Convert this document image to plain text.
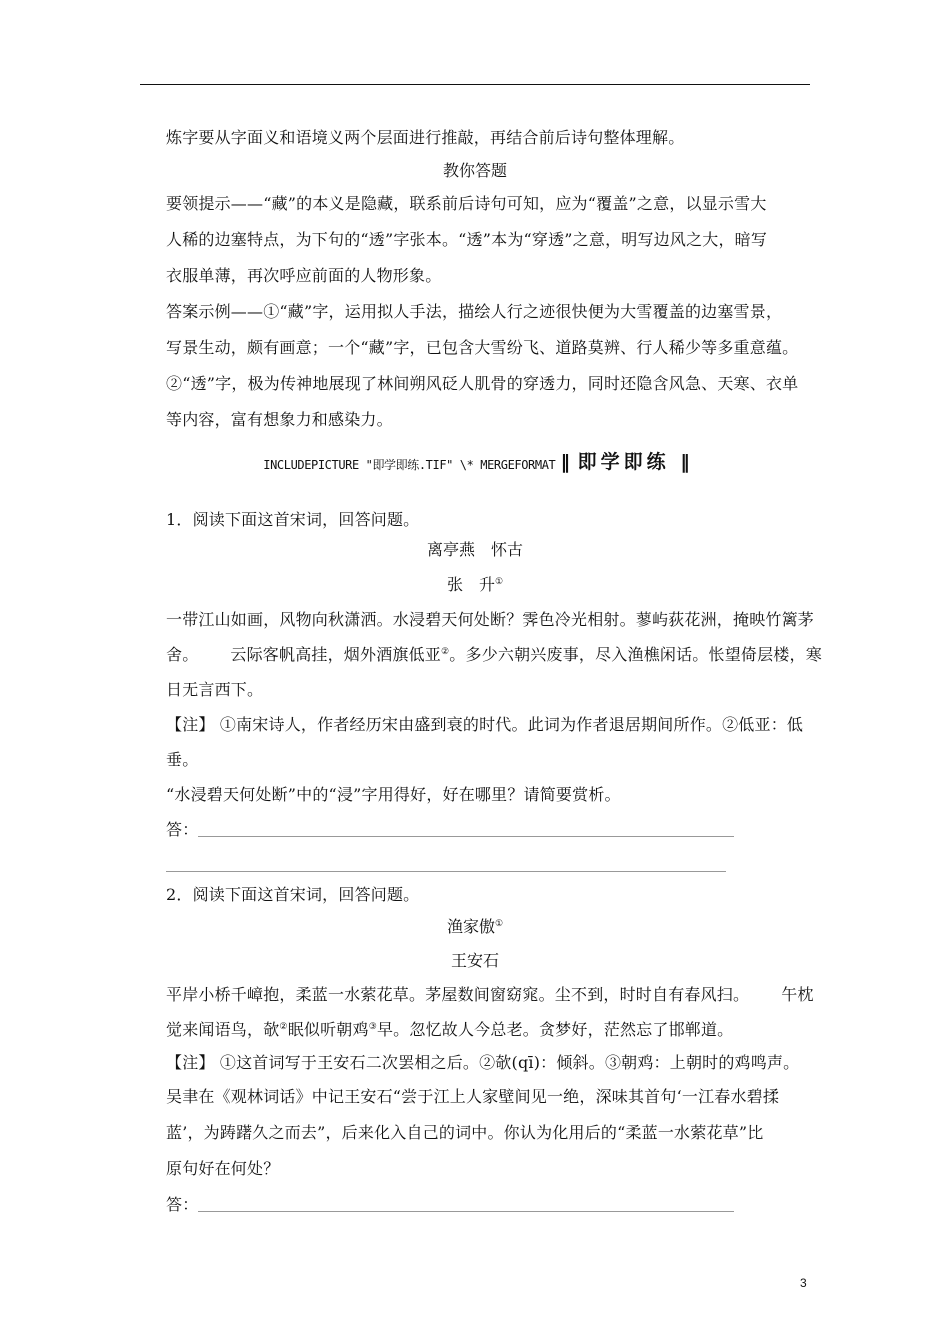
炼字要从字面义和语境义两个层面进行推敲，再结合前后诗句整体理解。
教你答题
要领提示——“藏”的本义是隐藏，联系前后诗句可知，应为“覆盖”之意，以显示雪大
人稀的边塞特点，为下句的“透”字张本。“透”本为“穿透”之意，明写边风之大，暗写
衣服单薄，再次呼应前面的人物形象。
答案示例——①“藏”字，运用拟人手法，描绘人行之迹很快便为大雪覆盖的边塞雪景，
写景生动，颇有画意；一个“藏”字，已包含大雪纷飞、道路莫辨、行人稀少等多重意蕴。
②“透”字，极为传神地展现了林间朔风砭人肌骨的穿透力，同时还隐含风急、天寒、衣单
等内容，富有想象力和感染力。
INCLUDEPICTURE "即学即练.TIF" \* MERGEFORMAT ‖ 即学即练 ‖
1．阅读下面这首宋词，回答问题。
离亭燕　怀古
张　升①
一带江山如画，风物向秋潇洒。水浸碧天何处断？霁色冷光相射。蓼屿荻花洲，掩映竹篱茅
舍。 云际客帆高挂，烟外酒旗低亚②。多少六朝兴废事，尽入渔樵闲话。怅望倚层楼，寒
日无言西下。
【注】 ①南宋诗人，作者经历宋由盛到衰的时代。此词为作者退居期间所作。②低亚：低
垂。
“水浸碧天何处断”中的“浸”字用得好，好在哪里？请简要赏析。
答：
2．阅读下面这首宋词，回答问题。
渔家傲①
王安石
平岸小桥千嶂抱，柔蓝一水萦花草。茅屋数间窗窈窕。尘不到，时时自有春风扫。 午枕
觉来闻语鸟，欹②眠似听朝鸡③早。忽忆故人今总老。贪梦好，茫然忘了邯郸道。
【注】 ①这首词写于王安石二次罢相之后。②欹(qī)：倾斜。③朝鸡：上朝时的鸡鸣声。
吴聿在《观林词话》中记王安石“尝于江上人家壁间见一绝，深味其首句‘一江春水碧揉
蓝’，为踌躇久之而去”，后来化入自己的词中。你认为化用后的“柔蓝一水萦花草”比
原句好在何处？
答：
3
